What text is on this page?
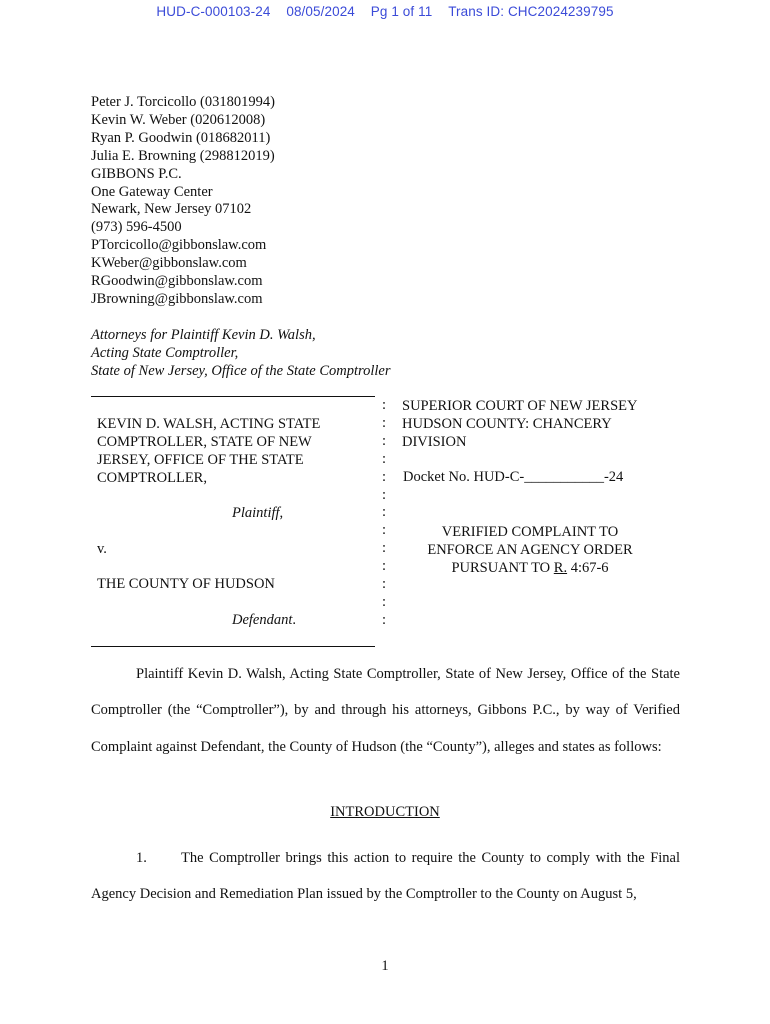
HUD-C-000103-24 08/05/2024 Pg 1 of 11 Trans ID: CHC2024239795
Peter J. Torcicollo (031801994)
Kevin W. Weber (020612008)
Ryan P. Goodwin (018682011)
Julia E. Browning (298812019)
GIBBONS P.C.
One Gateway Center
Newark, New Jersey 07102
(973) 596-4500
PTorcicollo@gibbonslaw.com
KWeber@gibbonslaw.com
RGoodwin@gibbonslaw.com
JBrowning@gibbonslaw.com
Attorneys for Plaintiff Kevin D. Walsh,
Acting State Comptroller,
State of New Jersey, Office of the State Comptroller
KEVIN D. WALSH, ACTING STATE
COMPTROLLER, STATE OF NEW
JERSEY, OFFICE OF THE STATE
COMPTROLLER,
Plaintiff,
v.
THE COUNTY OF HUDSON
Defendant.
:
:
:
:
:
:
:
:
:
:
:
:
:
SUPERIOR COURT OF NEW JERSEY
HUDSON COUNTY: CHANCERY
DIVISION
Docket No. HUD-C-___________-24
VERIFIED COMPLAINT TO
ENFORCE AN AGENCY ORDER
PURSUANT TO R. 4:67-6

Plaintiff Kevin D. Walsh, Acting State Comptroller, State of New Jersey, Office of the State Comptroller (the “Comptroller”), by and through his attorneys, Gibbons P.C., by way of Verified Complaint against Defendant, the County of Hudson (the “County”), alleges and states as follows:

INTRODUCTION
1. The Comptroller brings this action to require the County to comply with the Final Agency Decision and Remediation Plan issued by the Comptroller to the County on August 5,
1
